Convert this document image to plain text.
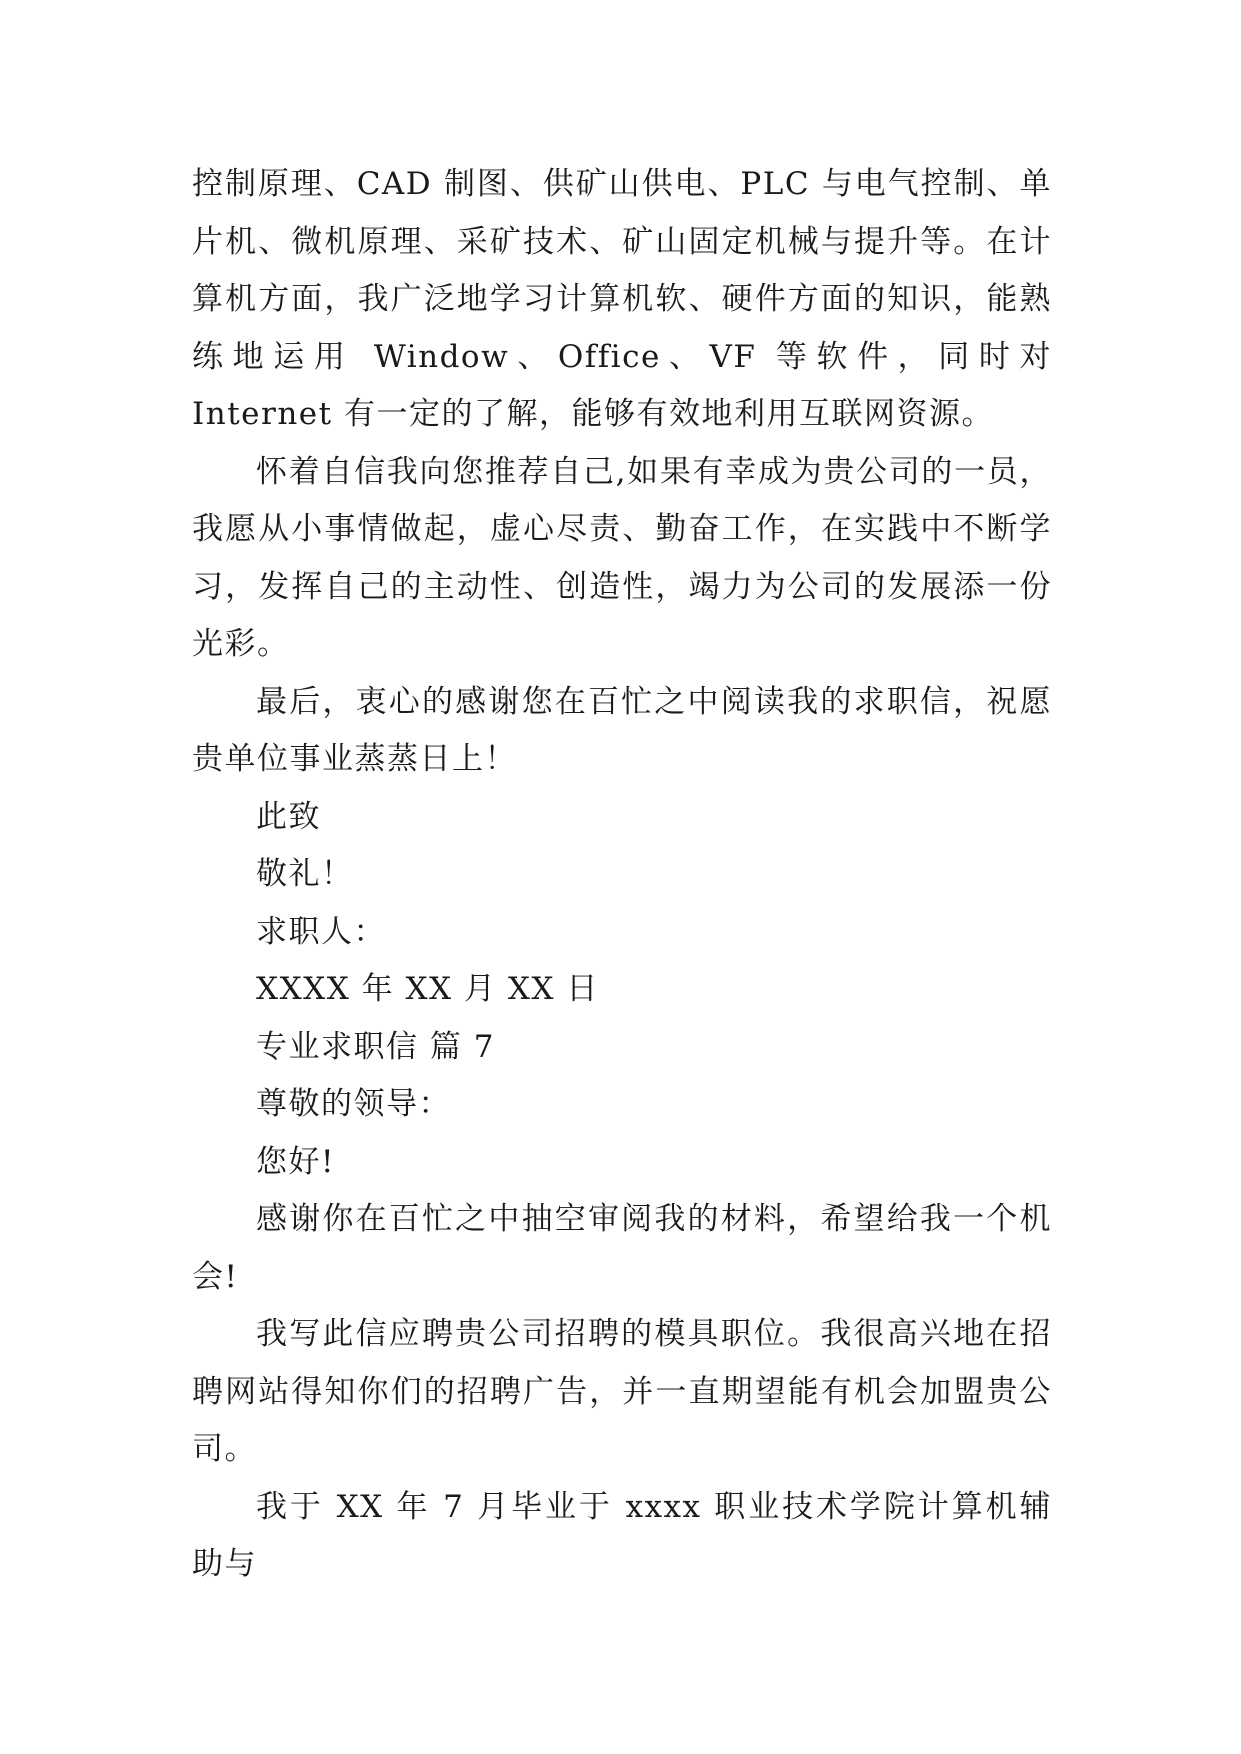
控制原理、CAD 制图、供矿山供电、PLC 与电气控制、单片机、微机原理、采矿技术、矿山固定机械与提升等。在计算机方面，我广泛地学习计算机软、硬件方面的知识，能熟练地运用 Window、Office、VF 等软件，同时对 Internet 有一定的了解，能够有效地利用互联网资源。

怀着自信我向您推荐自己,如果有幸成为贵公司的一员，我愿从小事情做起，虚心尽责、勤奋工作，在实践中不断学习，发挥自己的主动性、创造性，竭力为公司的发展添一份光彩。

最后，衷心的感谢您在百忙之中阅读我的求职信，祝愿贵单位事业蒸蒸日上！

此致

敬礼！

求职人：

XXXX 年 XX 月 XX 日

专业求职信 篇 7

尊敬的领导：

您好!

感谢你在百忙之中抽空审阅我的材料，希望给我一个机会!

我写此信应聘贵公司招聘的模具职位。我很高兴地在招聘网站得知你们的招聘广告，并一直期望能有机会加盟贵公司。

我于 XX 年 7 月毕业于 xxxx 职业技术学院计算机辅助与
